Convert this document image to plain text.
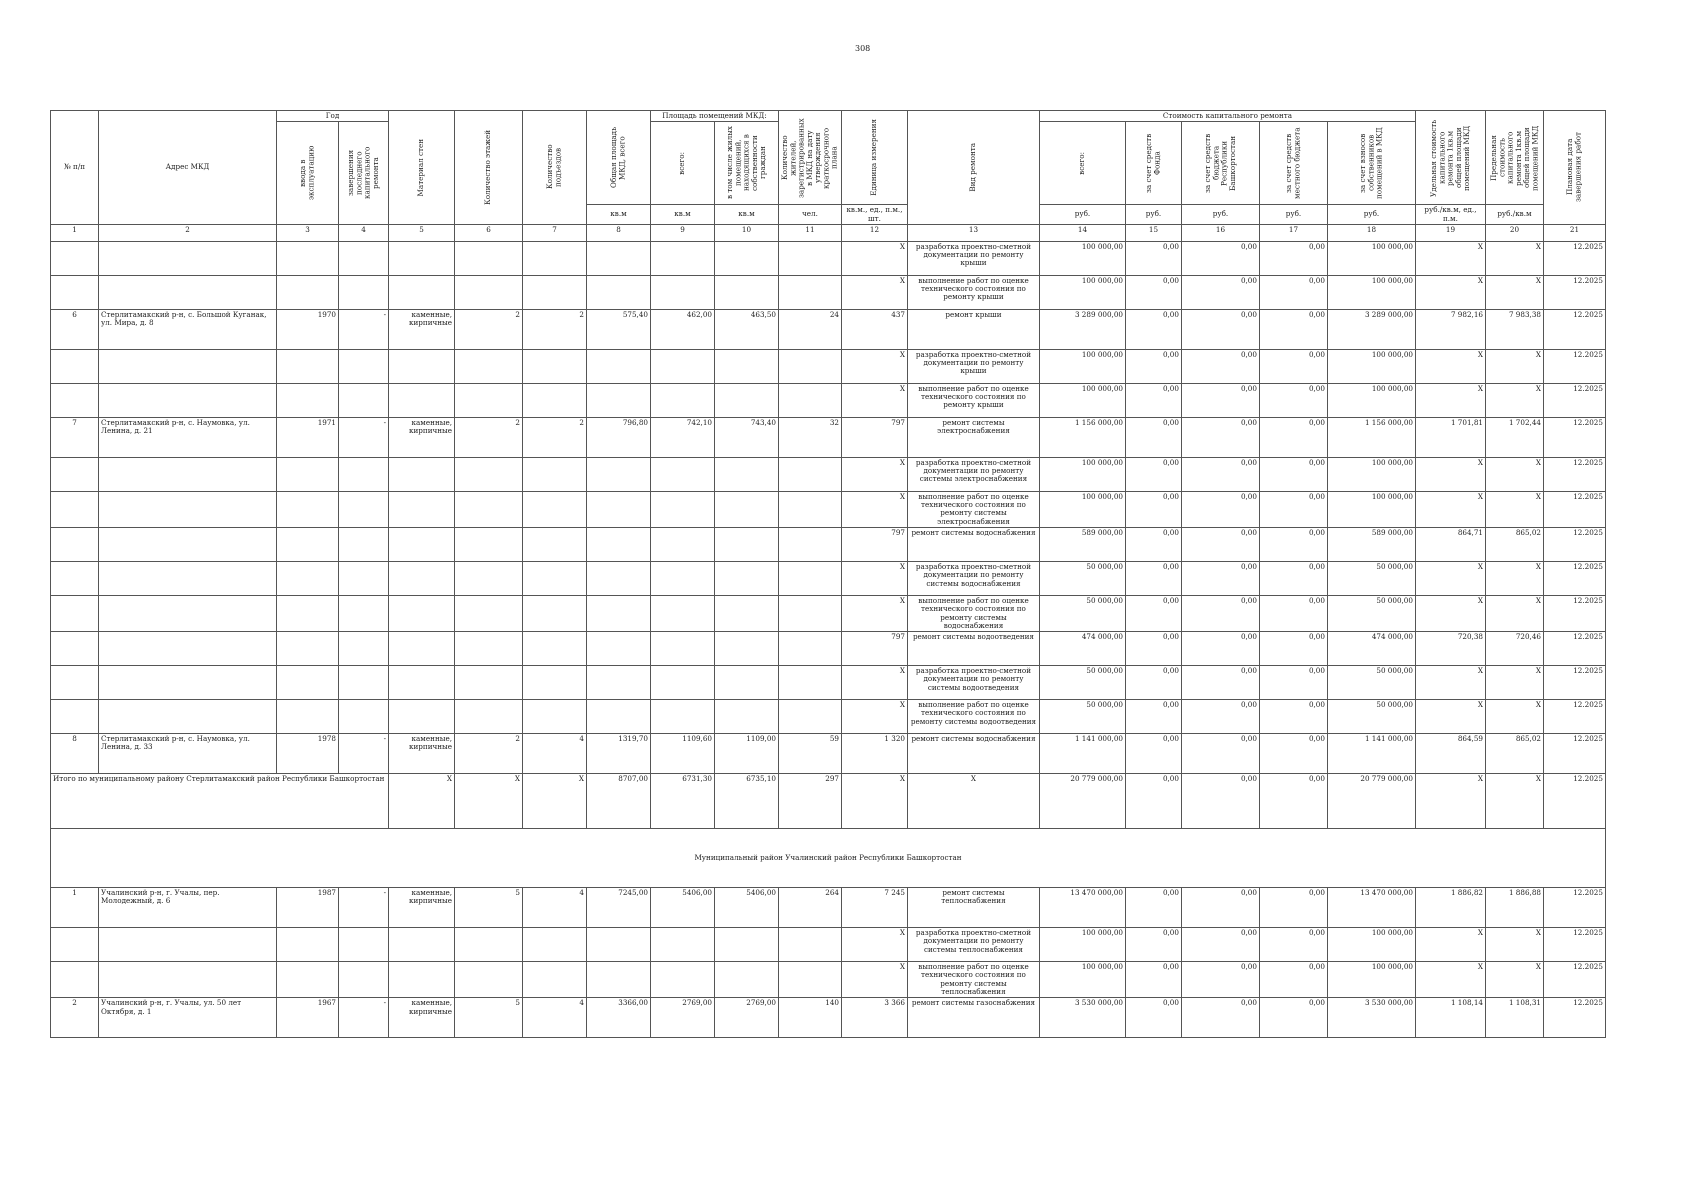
308
№ п/п	Адрес МКД	Год		Материал стен	Количество этажей	Количество подъездов	Общая площадь МКД, всего	Площадь помещений МКД:		Количество жителей, зарегистрированных в МКД на дату утверждения краткосрочного плана	Единица измерения	Вид ремонта	Стоимость капитального ремонта					Удельная стоимость капитального ремонта 1кв.м общей площади помещений МКД	Предельная стоимость капитального ремонта 1кв.м общей площади помещений МКД	Плановая дата завершения работ

		ввода в эксплуатацию	завершения последнего капитального ремонта					всего:	в том числе жилых помещений, находящихся в собственности граждан				всего:	за счет средств Фонда	за счет средств бюджета Республики Башкортостан	за счет средств местного бюджета	за счет взносов собственников помещений в МКД			

							кв.м	кв.м	кв.м	чел.	кв.м., ед., п.м., шт.		руб.	руб.	руб.	руб.	руб.	руб./кв.м, ед., п.м.	руб./кв.м	
1	2	3	4	5	6	7	8	9	10	11	12	13	14	15	16	17	18	19	20	21
											X	разработка проектно-сметной документации по ремонту крыши	100 000,00	0,00	0,00	0,00	100 000,00	X	X	12.2025
											X	выполнение работ по оценке технического состояния по ремонту крыши	100 000,00	0,00	0,00	0,00	100 000,00	X	X	12.2025
6	Стерлитамакский р-н, с. Большой Куганак, ул. Мира, д. 8	1970	-	каменные, кирпичные	2	2	575,40	462,00	463,50	24	437	ремонт крыши	3 289 000,00	0,00	0,00	0,00	3 289 000,00	7 982,16	7 983,38	12.2025
											X	разработка проектно-сметной документации по ремонту крыши	100 000,00	0,00	0,00	0,00	100 000,00	X	X	12.2025
											X	выполнение работ по оценке технического состояния по ремонту крыши	100 000,00	0,00	0,00	0,00	100 000,00	X	X	12.2025
7	Стерлитамакский р-н, с. Наумовка, ул. Ленина, д. 21	1971	-	каменные, кирпичные	2	2	796,80	742,10	743,40	32	797	ремонт системы электроснабжения	1 156 000,00	0,00	0,00	0,00	1 156 000,00	1 701,81	1 702,44	12.2025
											X	разработка проектно-сметной документации по ремонту системы электроснабжения	100 000,00	0,00	0,00	0,00	100 000,00	X	X	12.2025
											X	выполнение работ по оценке технического состояния по ремонту системы электроснабжения	100 000,00	0,00	0,00	0,00	100 000,00	X	X	12.2025
											797	ремонт системы водоснабжения	589 000,00	0,00	0,00	0,00	589 000,00	864,71	865,02	12.2025
											X	разработка проектно-сметной документации по ремонту системы водоснабжения	50 000,00	0,00	0,00	0,00	50 000,00	X	X	12.2025
											X	выполнение работ по оценке технического состояния по ремонту системы водоснабжения	50 000,00	0,00	0,00	0,00	50 000,00	X	X	12.2025
											797	ремонт системы водоотведения	474 000,00	0,00	0,00	0,00	474 000,00	720,38	720,46	12.2025
											X	разработка проектно-сметной документации по ремонту системы водоотведения	50 000,00	0,00	0,00	0,00	50 000,00	X	X	12.2025
											X	выполнение работ по оценке технического состояния по ремонту системы водоотведения	50 000,00	0,00	0,00	0,00	50 000,00	X	X	12.2025
8	Стерлитамакский р-н, с. Наумовка, ул. Ленина, д. 33	1978	-	каменные, кирпичные	2	4	1319,70	1109,60	1109,00	59	1 320	ремонт системы водоснабжения	1 141 000,00	0,00	0,00	0,00	1 141 000,00	864,59	865,02	12.2025
Итого по муниципальному району Стерлитамакский район Республики Башкортостан				X	X	X	8707,00	6731,30	6735,10	297	X	X	20 779 000,00	0,00	0,00	0,00	20 779 000,00	X	X	12.2025
Муниципальный район Учалинский район Республики Башкортостан																				
1	Учалинский р-н, г. Учалы, пер. Молодежный, д. 6	1987	-	каменные, кирпичные	5	4	7245,00	5406,00	5406,00	264	7 245	ремонт системы теплоснабжения	13 470 000,00	0,00	0,00	0,00	13 470 000,00	1 886,82	1 886,88	12.2025
											X	разработка проектно-сметной документации по ремонту системы теплоснабжения	100 000,00	0,00	0,00	0,00	100 000,00	X	X	12.2025
											X	выполнение работ по оценке технического состояния по ремонту системы теплоснабжения	100 000,00	0,00	0,00	0,00	100 000,00	X	X	12.2025
2	Учалинский р-н, г. Учалы, ул. 50 лет Октября, д. 1	1967	-	каменные, кирпичные	5	4	3366,00	2769,00	2769,00	140	3 366	ремонт системы газоснабжения	3 530 000,00	0,00	0,00	0,00	3 530 000,00	1 108,14	1 108,31	12.2025
